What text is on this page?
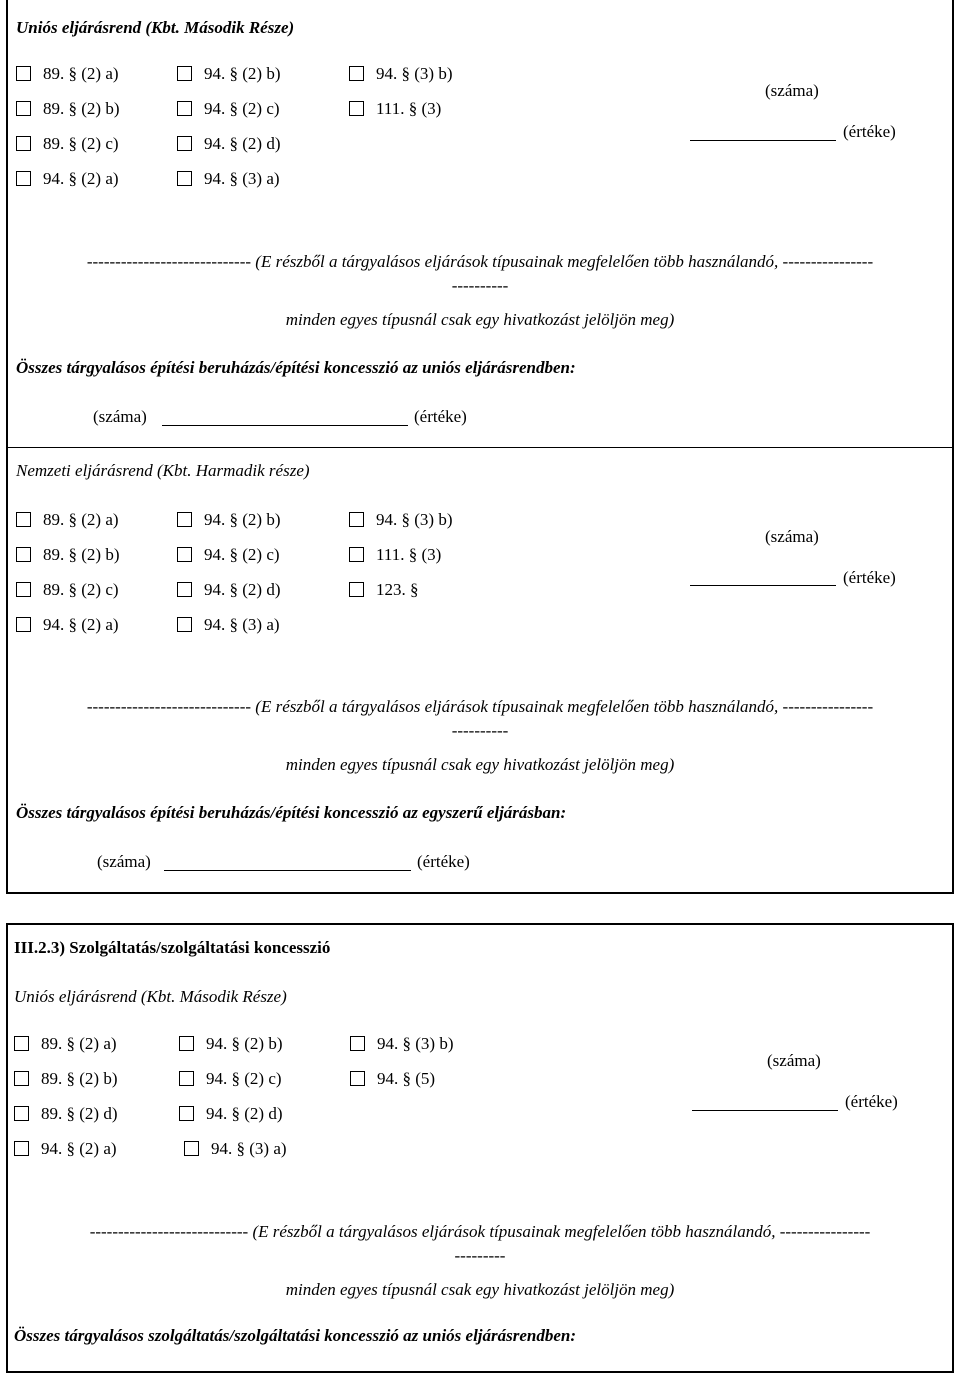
Uniós eljárásrend (Kbt. Második Része)
89. § (2) a)	94. § (2) b)	94. § (3) b)
89. § (2) b)	94. § (2) c)	111. § (3)
89. § (2) c)	94. § (2) d)
94. § (2) a)	94. § (3) a)
(száma)
(értéke)
----------------------------- (E részből a tárgyalásos eljárások típusainak megfelelően több használandó, ----------------
----------
minden egyes típusnál csak egy hivatkozást jelöljön meg)
Összes tárgyalásos építési beruházás/építési koncesszió az uniós eljárásrendben:
(száma)	(értéke)
Nemzeti eljárásrend (Kbt. Harmadik része)
89. § (2) a)	94. § (2) b)	94. § (3) b)
89. § (2) b)	94. § (2) c)	111. § (3)
89. § (2) c)	94. § (2) d)	123. §
94. § (2) a)	94. § (3) a)
(száma)
(értéke)
----------------------------- (E részből a tárgyalásos eljárások típusainak megfelelően több használandó, ----------------
----------
minden egyes típusnál csak egy hivatkozást jelöljön meg)
Összes tárgyalásos építési beruházás/építési koncesszió az egyszerű eljárásban:
(száma)	(értéke)
III.2.3) Szolgáltatás/szolgáltatási koncesszió
Uniós eljárásrend (Kbt. Második Része)
89. § (2) a)	94. § (2) b)	94. § (3) b)
89. § (2) b)	94. § (2) c)	94. § (5)
89. § (2) d)	94. § (2) d)
94. § (2) a)	94. § (3) a)
(száma)
(értéke)
---------------------------- (E részből a tárgyalásos eljárások típusainak megfelelően több használandó, ----------------
---------
minden egyes típusnál csak egy hivatkozást jelöljön meg)
Összes tárgyalásos szolgáltatás/szolgáltatási koncesszió az uniós eljárásrendben:
